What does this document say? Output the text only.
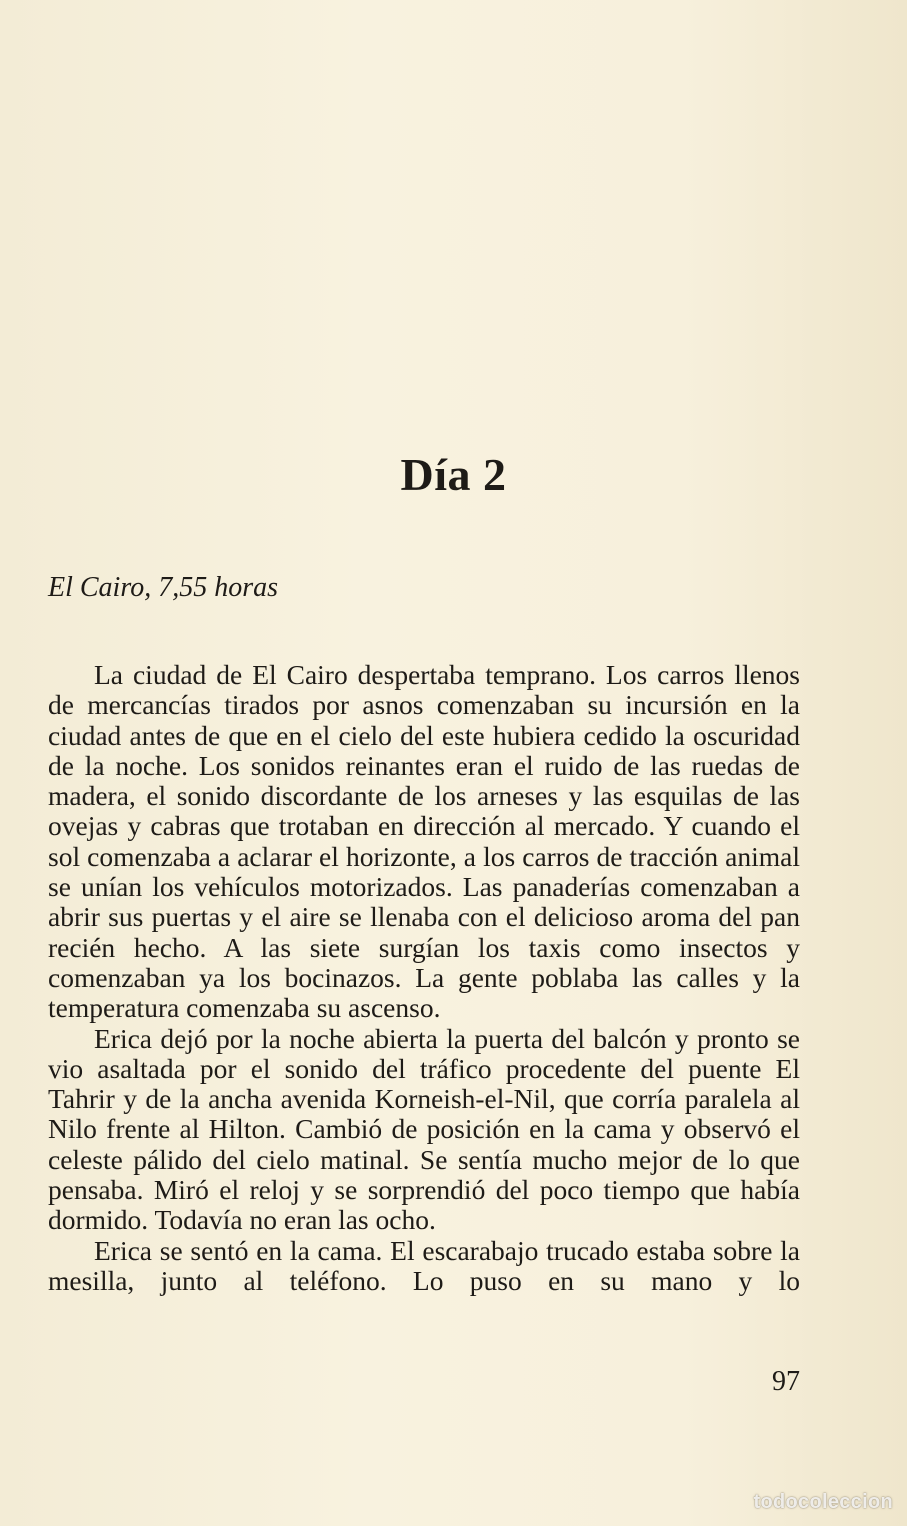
Día 2

El Cairo, 7,55 horas

La ciudad de El Cairo despertaba temprano. Los carros llenos de mercancías tirados por asnos comenzaban su incursión en la ciudad antes de que en el cielo del este hubiera cedido la oscuridad de la noche. Los sonidos reinantes eran el ruido de las ruedas de madera, el sonido discordante de los arneses y las esquilas de las ovejas y cabras que trotaban en dirección al mercado. Y cuando el sol comenzaba a aclarar el horizonte, a los carros de tracción animal se unían los vehículos motorizados. Las panaderías comenzaban a abrir sus puertas y el aire se llenaba con el delicioso aroma del pan recién hecho. A las siete surgían los taxis como insectos y comenzaban ya los bocinazos. La gente poblaba las calles y la temperatura comenzaba su ascenso.

Erica dejó por la noche abierta la puerta del balcón y pronto se vio asaltada por el sonido del tráfico procedente del puente El Tahrir y de la ancha avenida Korneish-el-Nil, que corría paralela al Nilo frente al Hilton. Cambió de posición en la cama y observó el celeste pálido del cielo matinal. Se sentía mucho mejor de lo que pensaba. Miró el reloj y se sorprendió del poco tiempo que había dormido. Todavía no eran las ocho.

Erica se sentó en la cama. El escarabajo trucado estaba sobre la mesilla, junto al teléfono. Lo puso en su mano y lo

97

todocoleccion
